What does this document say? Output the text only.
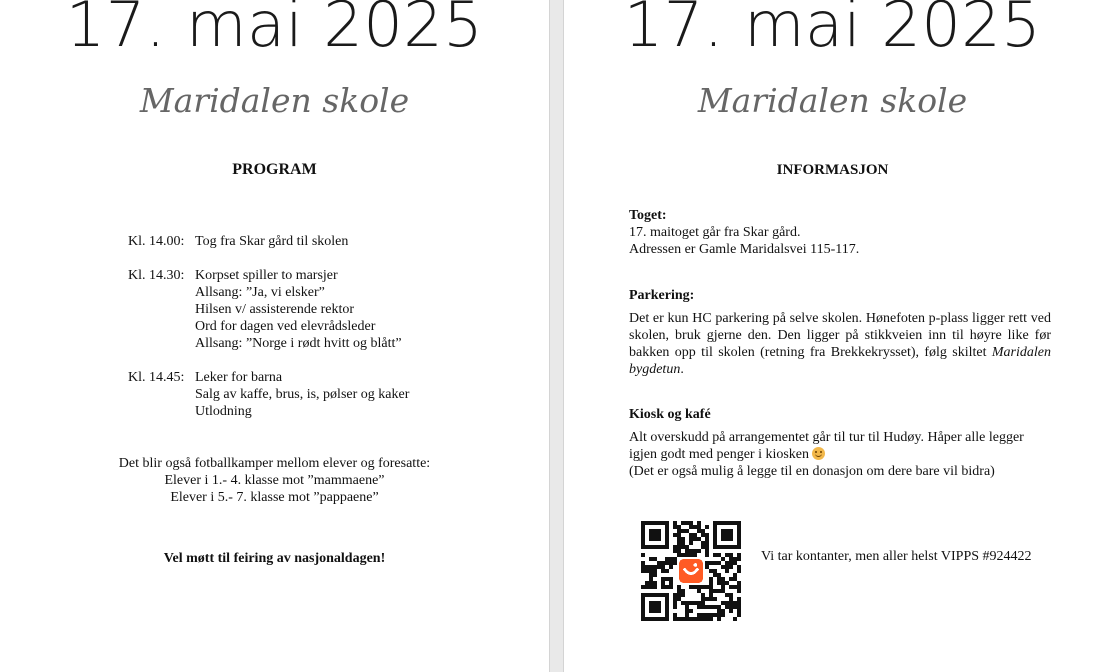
17. mai 2025
Maridalen skole
PROGRAM
Kl. 14.00: Tog fra Skar gård til skolen
Kl. 14.30: Korpset spiller to marsjer
Allsang: ”Ja, vi elsker”
Hilsen v/ assisterende rektor
Ord for dagen ved elevrådsleder
Allsang: ”Norge i rødt hvitt og blått”
Kl. 14.45: Leker for barna
Salg av kaffe, brus, is, pølser og kaker
Utlodning
Det blir også fotballkamper mellom elever og foresatte:
Elever i 1.- 4. klasse mot ”mammaene”
Elever i 5.- 7. klasse mot ”pappaene”
Vel møtt til feiring av nasjonaldagen!
17. mai 2025
Maridalen skole
INFORMASJON
Toget:
17. maitoget går fra Skar gård.
Adressen er Gamle Maridalsvei 115-117.
Parkering:
Det er kun HC parkering på selve skolen. Hønefoten p-plass ligger rett ved skolen, bruk gjerne den. Den ligger på stikkveien inn til høyre like før bakken opp til skolen (retning fra Brekkekrysset), følg skiltet Maridalen bygdetun.
Kiosk og kafé
Alt overskudd på arrangementet går til tur til Hudøy. Håper alle legger igjen godt med penger i kiosken
(Det er også mulig å legge til en donasjon om dere bare vil bidra)
Vi tar kontanter, men aller helst VIPPS #924422
